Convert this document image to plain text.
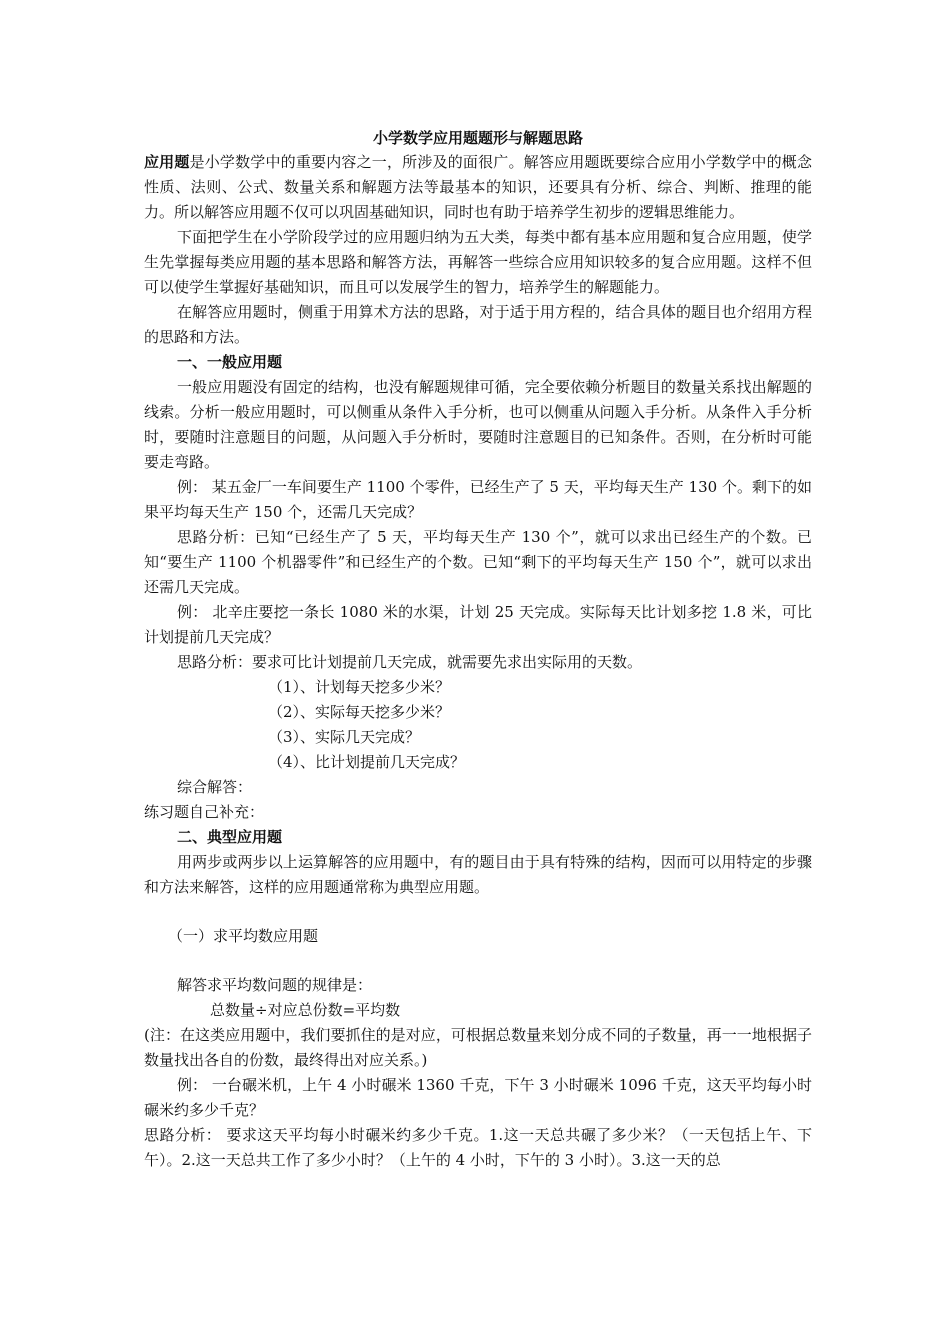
小学数学应用题题形与解题思路

应用题是小学数学中的重要内容之一，所涉及的面很广。解答应用题既要综合应用小学数学中的概念性质、法则、公式、数量关系和解题方法等最基本的知识，还要具有分析、综合、判断、推理的能力。所以解答应用题不仅可以巩固基础知识，同时也有助于培养学生初步的逻辑思维能力。

下面把学生在小学阶段学过的应用题归纳为五大类，每类中都有基本应用题和复合应用题，使学生先掌握每类应用题的基本思路和解答方法，再解答一些综合应用知识较多的复合应用题。这样不但可以使学生掌握好基础知识，而且可以发展学生的智力，培养学生的解题能力。

在解答应用题时，侧重于用算术方法的思路，对于适于用方程的，结合具体的题目也介绍用方程的思路和方法。

一、一般应用题

一般应用题没有固定的结构，也没有解题规律可循，完全要依赖分析题目的数量关系找出解题的线索。分析一般应用题时，可以侧重从条件入手分析，也可以侧重从问题入手分析。从条件入手分析时，要随时注意题目的问题，从问题入手分析时，要随时注意题目的已知条件。否则，在分析时可能要走弯路。

例： 某五金厂一车间要生产 1100 个零件，已经生产了 5 天，平均每天生产 130 个。剩下的如果平均每天生产 150 个，还需几天完成？

思路分析：已知“已经生产了 5 天，平均每天生产 130 个”，就可以求出已经生产的个数。已知“要生产 1100 个机器零件”和已经生产的个数。已知“剩下的平均每天生产 150 个”，就可以求出还需几天完成。

例： 北辛庄要挖一条长 1080 米的水渠，计划 25 天完成。实际每天比计划多挖 1.8 米，可比计划提前几天完成？

思路分析：要求可比计划提前几天完成，就需要先求出实际用的天数。

（1）、计划每天挖多少米？

（2）、实际每天挖多少米？

（3）、实际几天完成？

（4）、比计划提前几天完成？

综合解答：

练习题自己补充：

二、典型应用题

用两步或两步以上运算解答的应用题中，有的题目由于具有特殊的结构，因而可以用特定的步骤和方法来解答，这样的应用题通常称为典型应用题。

（一）求平均数应用题

解答求平均数问题的规律是：

总数量÷对应总份数=平均数

(注：在这类应用题中，我们要抓住的是对应，可根据总数量来划分成不同的子数量，再一一地根据子数量找出各自的份数，最终得出对应关系。)

例： 一台碾米机，上午 4 小时碾米 1360 千克，下午 3 小时碾米 1096 千克，这天平均每小时碾米约多少千克？

思路分析： 要求这天平均每小时碾米约多少千克。1.这一天总共碾了多少米？（一天包括上午、下午）。2.这一天总共工作了多少小时？（上午的 4 小时，下午的 3 小时）。3.这一天的总
